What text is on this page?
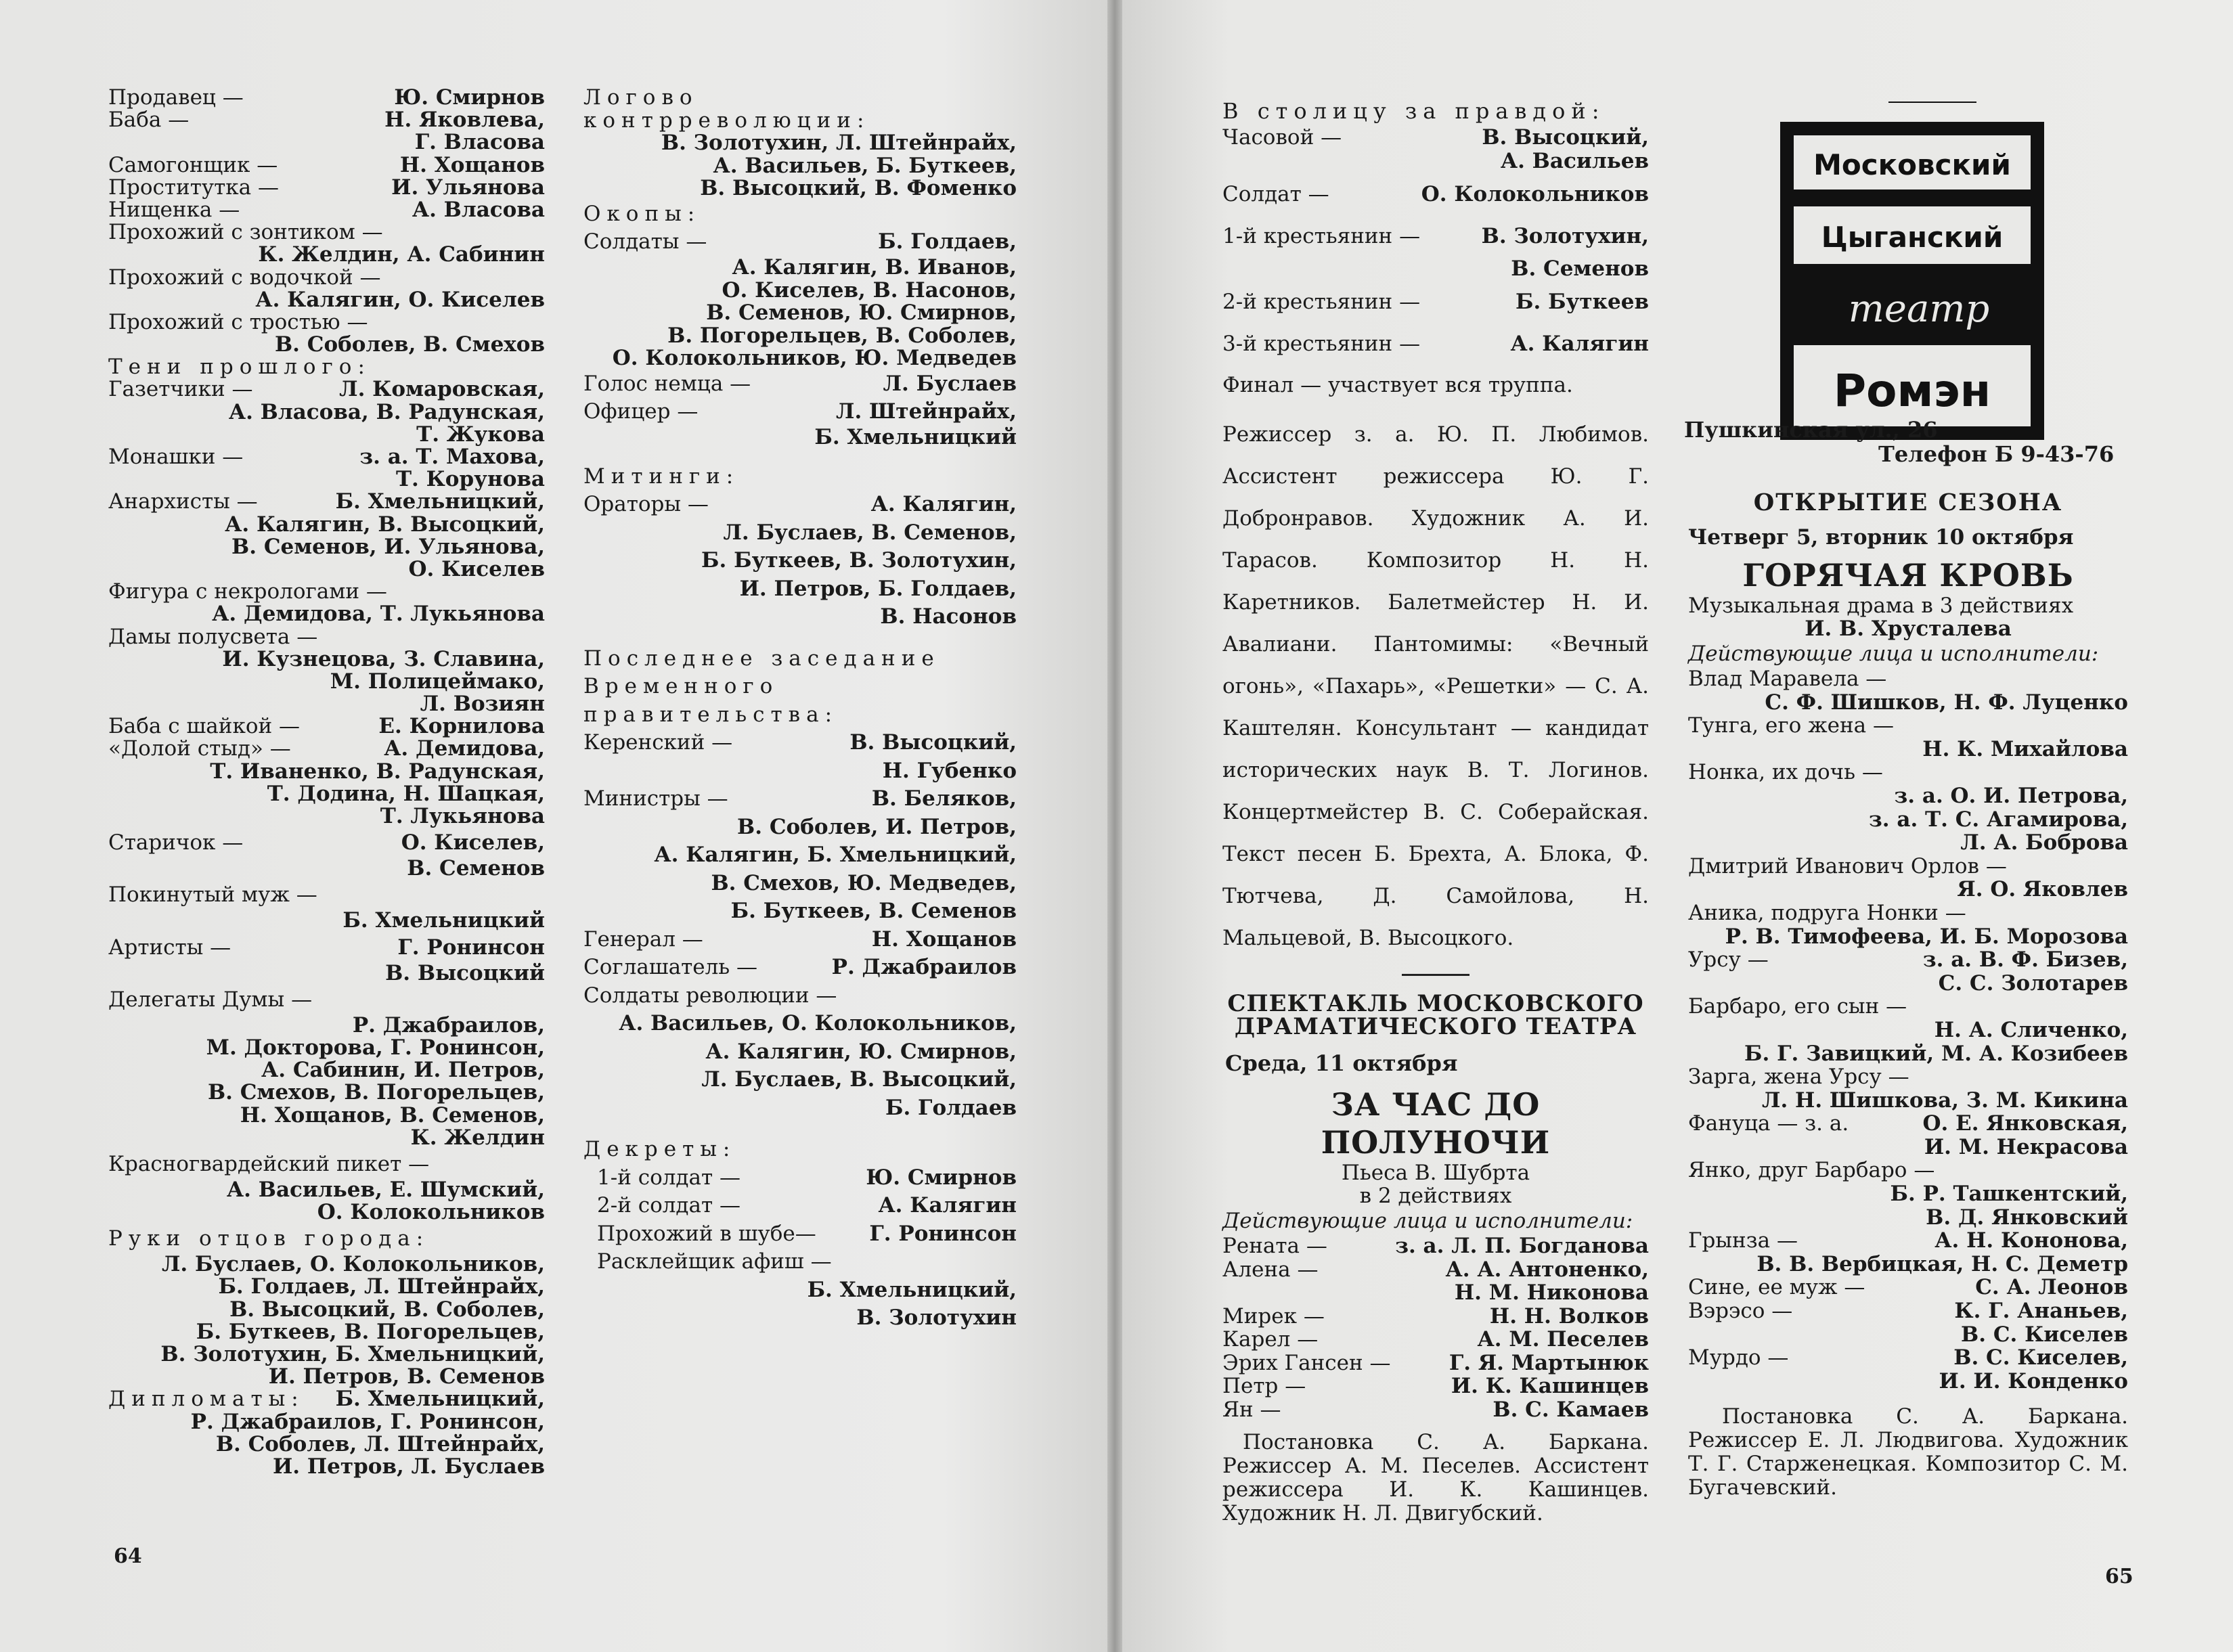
Продавец —	Ю. Смирнов
Баба —	Н. Яковлева,
Г. Власова
Самогонщик —	Н. Хощанов
Проститутка —	И. Ульянова
Нищенка —	А. Власова
Прохожий с зонтиком —
К. Желдин, А. Сабинин
Прохожий с водочкой —
А. Калягин, О. Киселев
Прохожий с тростью —
В. Соболев, В. Смехов
Тени прошлого:
Газетчики —	Л. Комаровская,
А. Власова, В. Радунская,
Т. Жукова
Монашки —	з. а. Т. Махова,
Т. Корунова
Анархисты —	Б. Хмельницкий,
А. Калягин, В. Высоцкий,
В. Семенов, И. Ульянова,
О. Киселев
Фигура с некрологами —
А. Демидова, Т. Лукьянова
Дамы полусвета —
И. Кузнецова, З. Славина,
М. Полицеймако,
Л. Возиян
Баба с шайкой —	Е. Корнилова
«Долой стыд» —	А. Демидова,
Т. Иваненко, В. Радунская,
Т. Додина, Н. Шацкая,
Т. Лукьянова
Старичок —	О. Киселев,
В. Семенов
Покинутый муж —
Б. Хмельницкий
Артисты —	Г. Ронинсон
В. Высоцкий
Делегаты Думы —
Р. Джабраилов,
М. Докторова, Г. Ронинсон,
А. Сабинин, И. Петров,
В. Смехов, В. Погорельцев,
Н. Хощанов, В. Семенов,
К. Желдин
Красногвардейский пикет —
А. Васильев, Е. Шумский,
О. Колокольников
Руки отцов города:
Л. Буслаев, О. Колокольников,
Б. Голдаев, Л. Штейнрайх,
В. Высоцкий, В. Соболев,
Б. Буткеев, В. Погорельцев,
В. Золотухин, Б. Хмельницкий,
И. Петров, В. Семенов
Дипломаты: Б. Хмельницкий,
Р. Джабраилов, Г. Ронинсон,
В. Соболев, Л. Штейнрайх,
И. Петров, Л. Буслаев
Логово
контрреволюции:
В. Золотухин, Л. Штейнрайх,
А. Васильев, Б. Буткеев,
В. Высоцкий, В. Фоменко
Окопы:
Солдаты —	Б. Голдаев,
А. Калягин, В. Иванов,
О. Киселев, В. Насонов,
В. Семенов, Ю. Смирнов,
В. Погорельцев, В. Соболев,
О. Колокольников, Ю. Медведев
Голос немца —	Л. Буслаев
Офицер —	Л. Штейнрайх,
Б. Хмельницкий
Митинги:
Ораторы —	А. Калягин,
Л. Буслаев, В. Семенов,
Б. Буткеев, В. Золотухин,
И. Петров, Б. Голдаев,
В. Насонов
Последнее заседание
Временного
правительства:
Керенский —	В. Высоцкий,
Н. Губенко
Министры —	В. Беляков,
В. Соболев, И. Петров,
А. Калягин, Б. Хмельницкий,
В. Смехов, Ю. Медведев,
Б. Буткеев, В. Семенов
Генерал —	Н. Хощанов
Соглашатель —	Р. Джабраилов
Солдаты революции —
А. Васильев, О. Колокольников,
А. Калягин, Ю. Смирнов,
Л. Буслаев, В. Высоцкий,
Б. Голдаев
Декреты:
1-й солдат —	Ю. Смирнов
2-й солдат —	А. Калягин
Прохожий в шубе—	Г. Ронинсон
Расклейщик афиш —
Б. Хмельницкий,
В. Золотухин
64
В столицу за правдой:
Часовой —	В. Высоцкий,
А. Васильев
Солдат —	О. Колокольников
1-й крестьянин —	В. Золотухин,
В. Семенов
2-й крестьянин —	Б. Буткеев
3-й крестьянин —	А. Калягин
Финал — участвует вся труппа.
Режиссер з. а. Ю. П. Любимов. Ассистент режиссера Ю. Г. Добронравов. Художник А. И. Тарасов. Композитор Н. Н. Каретников. Балетмейстер Н. И. Авалиани. Пантомимы: «Вечный огонь», «Пахарь», «Решетки» — С. А. Каштелян. Консультант — кандидат исторических наук В. Т. Логинов. Концертмейстер В. С. Соберайская. Текст песен Б. Брехта, А. Блока, Ф. Тютчева, Д. Самойлова, Н. Мальцевой, В. Высоцкого.
СПЕКТАКЛЬ МОСКОВСКОГО ДРАМАТИЧЕСКОГО ТЕАТРА
Среда, 11 октября
ЗА ЧАС ДО ПОЛУНОЧИ
Пьеса В. Шубрта
в 2 действиях
Действующие лица и исполнители:
Рената —	з. а. Л. П. Богданова
Алена —	А. А. Антоненко,
Н. М. Никонова
Мирек —	Н. Н. Волков
Карел —	А. М. Песелев
Эрих Гансен —	Г. Я. Мартынюк
Петр —	И. К. Кашинцев
Ян —	В. С. Камаев
Постановка С. А. Баркана. Режиссер А. М. Песелев. Ассистент режиссера И. К. Кашинцев. Художник Н. Л. Двигубский.
Московский
Цыганский
театр
Ромэн
Пушкинская ул., 26
Телефон Б 9-43-76
ОТКРЫТИЕ СЕЗОНА
Четверг 5, вторник 10 октября
ГОРЯЧАЯ КРОВЬ
Музыкальная драма в 3 действиях
И. В. Хрусталева
Действующие лица и исполнители:
Влад Маравела —
С. Ф. Шишков, Н. Ф. Луценко
Тунга, его жена —
Н. К. Михайлова
Нонка, их дочь —
з. а. О. И. Петрова,
з. а. Т. С. Агамирова,
Л. А. Боброва
Дмитрий Иванович Орлов —
Я. О. Яковлев
Аника, подруга Нонки —
Р. В. Тимофеева, И. Б. Морозова
Урсу —	з. а. В. Ф. Бизев,
С. С. Золотарев
Барбаро, его сын —
Н. А. Сличенко,
Б. Г. Завицкий, М. А. Козибеев
Зарга, жена Урсу —
Л. Н. Шишкова, З. М. Кикина
Фануца — з. а.	О. Е. Янковская,
И. М. Некрасова
Янко, друг Барбаро —
Б. Р. Ташкентский,
В. Д. Янковский
Грынза —	А. Н. Кононова,
В. В. Вербицкая, Н. С. Деметр
Сине, ее муж —	С. А. Леонов
Вэрэсо —	К. Г. Ананьев,
В. С. Киселев
Мурдо —	В. С. Киселев,
И. И. Конденко
Постановка С. А. Баркана. Режиссер Е. Л. Людвигова. Художник Т. Г. Старженецкая. Композитор С. М. Бугачевский.
65
